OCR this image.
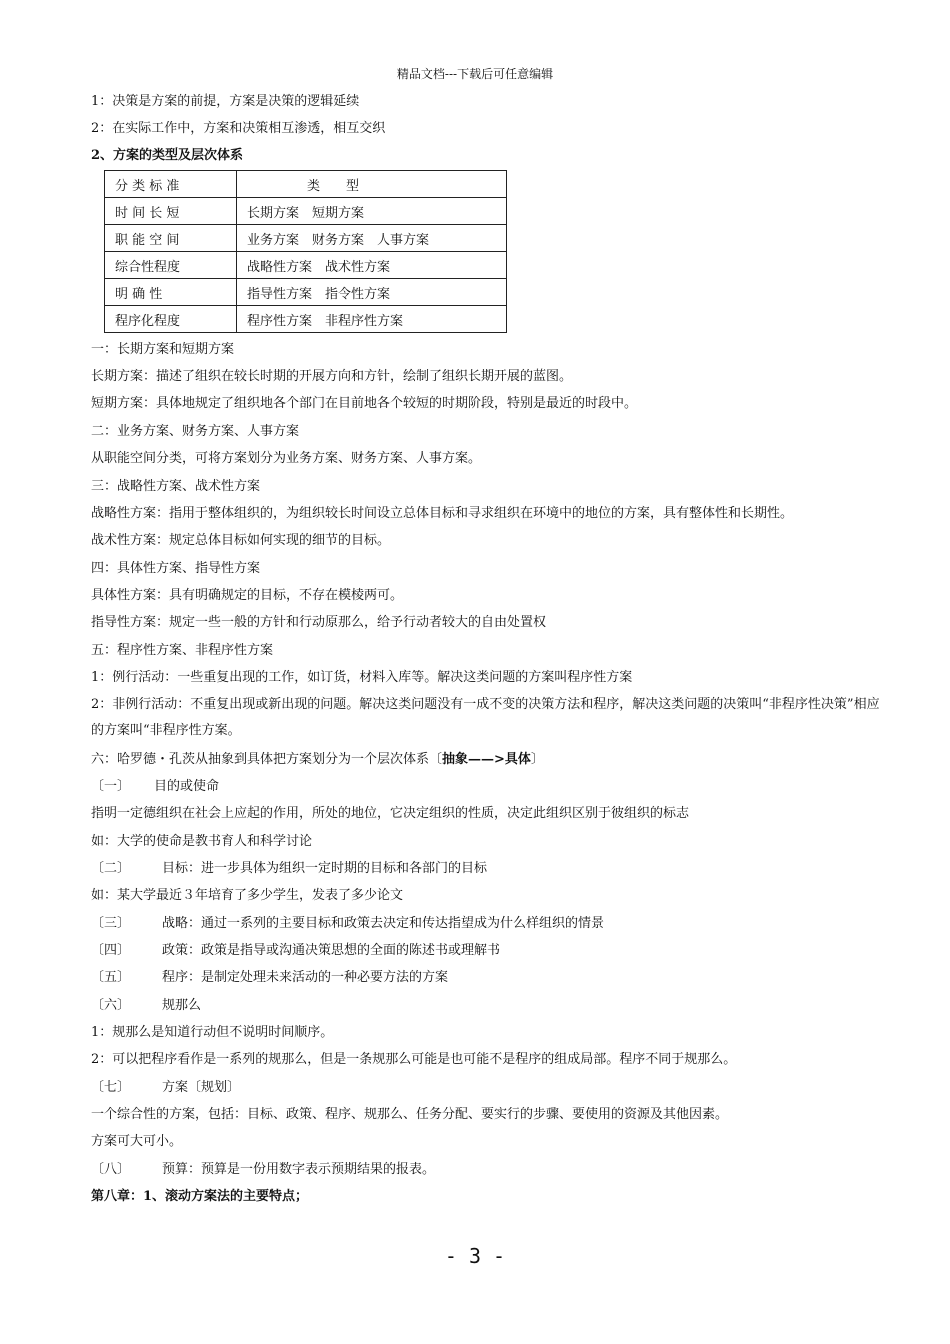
精品文档---下载后可任意编辑
1：决策是方案的前提，方案是决策的逻辑延续
2：在实际工作中，方案和决策相互渗透，相互交织
2、方案的类型及层次体系
分 类 标 准	类　　型
时 间 长 短	长期方案　短期方案
职 能 空 间	业务方案　财务方案　人事方案
综合性程度	战略性方案　战术性方案
明 确 性	指导性方案　指令性方案
程序化程度	程序性方案　非程序性方案
一：长期方案和短期方案
长期方案：描述了组织在较长时期的开展方向和方针，绘制了组织长期开展的蓝图。
短期方案：具体地规定了组织地各个部门在目前地各个较短的时期阶段，特别是最近的时段中。
二：业务方案、财务方案、人事方案
从职能空间分类，可将方案划分为业务方案、财务方案、人事方案。
三：战略性方案、战术性方案
战略性方案：指用于整体组织的，为组织较长时间设立总体目标和寻求组织在环境中的地位的方案，具有整体性和长期性。
战术性方案：规定总体目标如何实现的细节的目标。
四：具体性方案、指导性方案
具体性方案：具有明确规定的目标，不存在模棱两可。
指导性方案：规定一些一般的方针和行动原那么，给予行动者较大的自由处置权
五：程序性方案、非程序性方案
1：例行活动：一些重复出现的工作，如订货，材料入库等。解决这类问题的方案叫程序性方案
2：非例行活动：不重复出现或新出现的问题。解决这类问题没有一成不变的决策方法和程序，解决这类问题的决策叫“非程序性决策”相应的方案叫“非程序性方案。
六：哈罗德・孔茨从抽象到具体把方案划分为一个层次体系〔抽象——>具体〕
〔一〕 目的或使命
指明一定德组织在社会上应起的作用，所处的地位，它决定组织的性质，决定此组织区别于彼组织的标志
如：大学的使命是教书育人和科学讨论
〔二〕 目标：进一步具体为组织一定时期的目标和各部门的目标
如：某大学最近３年培育了多少学生，发表了多少论文
〔三〕 战略：通过一系列的主要目标和政策去决定和传达指望成为什么样组织的情景
〔四〕 政策：政策是指导或沟通决策思想的全面的陈述书或理解书
〔五〕 程序：是制定处理未来活动的一种必要方法的方案
〔六〕 规那么
1：规那么是知道行动但不说明时间顺序。
2：可以把程序看作是一系列的规那么，但是一条规那么可能是也可能不是程序的组成局部。程序不同于规那么。
〔七〕 方案〔规划〕
一个综合性的方案，包括：目标、政策、程序、规那么、任务分配、要实行的步骤、要使用的资源及其他因素。
方案可大可小。
〔八〕 预算：预算是一份用数字表示预期结果的报表。
第八章：1、滚动方案法的主要特点；
- 3 -
